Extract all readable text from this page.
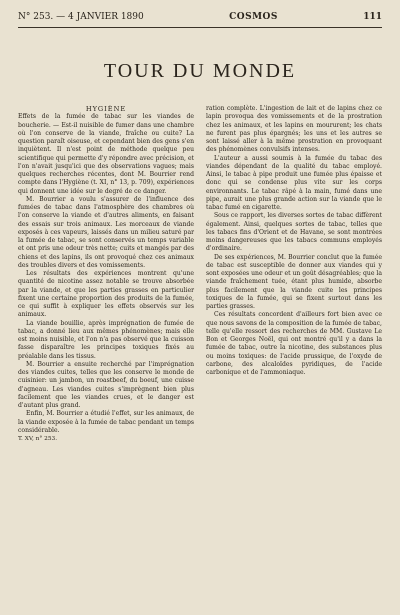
N° 253. — 4 JANVIER 1890	COSMOS	111
TOUR DU MONDE

HYGIÈNE

Effets de la fumée de tabac sur les viandes de boucherie. — Est-il nuisible de fumer dans une chambre où l'on conserve de la viande, fraîche ou cuite? La question paraît oiseuse, et cependant bien des gens s'en inquiètent. Il n'est point de méthode quelque peu scientifique qui permette d'y répondre avec précision, et l'on n'avait jusqu'ici que des observations vagues; mais quelques recherches récentes, dont M. Bourrier rend compte dans l'Hygiène (t. XI, n° 13, p. 709), expériences qui donnent une idée sur le degré de ce danger.

M. Bourrier a voulu s'assurer de l'influence des fumées de tabac dans l'atmosphère des chambres où l'on conserve la viande et d'autres aliments, en faisant des essais sur trois animaux. Les morceaux de viande exposés à ces vapeurs, laissés dans un milieu saturé par la fumée de tabac, se sont conservés un temps variable et ont pris une odeur très nette; cuits et mangés par des chiens et des lapins, ils ont provoqué chez ces animaux des troubles divers et des vomissements.

Les résultats des expériences montrent qu'une quantité de nicotine assez notable se trouve absorbée par la viande, et que les parties grasses en particulier fixent une certaine proportion des produits de la fumée, ce qui suffit à expliquer les effets observés sur les animaux.

La viande bouillie, après imprégnation de fumée de tabac, a donné lieu aux mêmes phénomènes; mais elle est moins nuisible, et l'on n'a pas observé que la cuisson fasse disparaître les principes toxiques fixés au préalable dans les tissus.

M. Bourrier a ensuite recherché par l'imprégnation des viandes cuites, telles que les conserve le monde de cuisinier: un jambon, un roastbeef, du boeuf, une cuisse d'agneau. Les viandes cuites s'imprègnent bien plus facilement que les viandes crues, et le danger est d'autant plus grand.

Enfin, M. Bourrier a étudié l'effet, sur les animaux, de la viande exposée à la fumée de tabac pendant un temps considérable.

T. XV, n° 253.

ration complète. L'ingestion de lait et de lapins chez ce lapin provoqua des vomissements et de la prostration chez les animaux, et les lapins en moururent; les chats ne furent pas plus épargnés; les uns et les autres se sont laissé aller à la même prostration en provoquant des phénomènes convulsifs intenses.

L'auteur a aussi soumis à la fumée du tabac des viandes dépendant de la qualité du tabac employé. Ainsi, le tabac à pipe produit une fumée plus épaisse et donc qui se condense plus vite sur les corps environnants. Le tabac râpé à la main, fumé dans une pipe, aurait une plus grande action sur la viande que le tabac fumé en cigarette.

Sous ce rapport, les diverses sortes de tabac diffèrent également. Ainsi, quelques sortes de tabac, telles que les tabacs fins d'Orient et de Havane, se sont montrées moins dangereuses que les tabacs communs employés d'ordinaire.

De ses expériences, M. Bourrier conclut que la fumée de tabac est susceptible de donner aux viandes qui y sont exposées une odeur et un goût désagréables; que la viande fraîchement tuée, étant plus humide, absorbe plus facilement que la viande cuite les principes toxiques de la fumée, qui se fixent surtout dans les parties grasses.

Ces résultats concordent d'ailleurs fort bien avec ce que nous savons de la composition de la fumée de tabac, telle qu'elle ressort des recherches de MM. Gustave Le Bon et Georges Noël, qui ont montré qu'il y a dans la fumée de tabac, outre la nicotine, des substances plus ou moins toxiques: de l'acide prussique, de l'oxyde de carbone, des alcaloïdes pyridiques, de l'acide carbonique et de l'ammoniaque.
